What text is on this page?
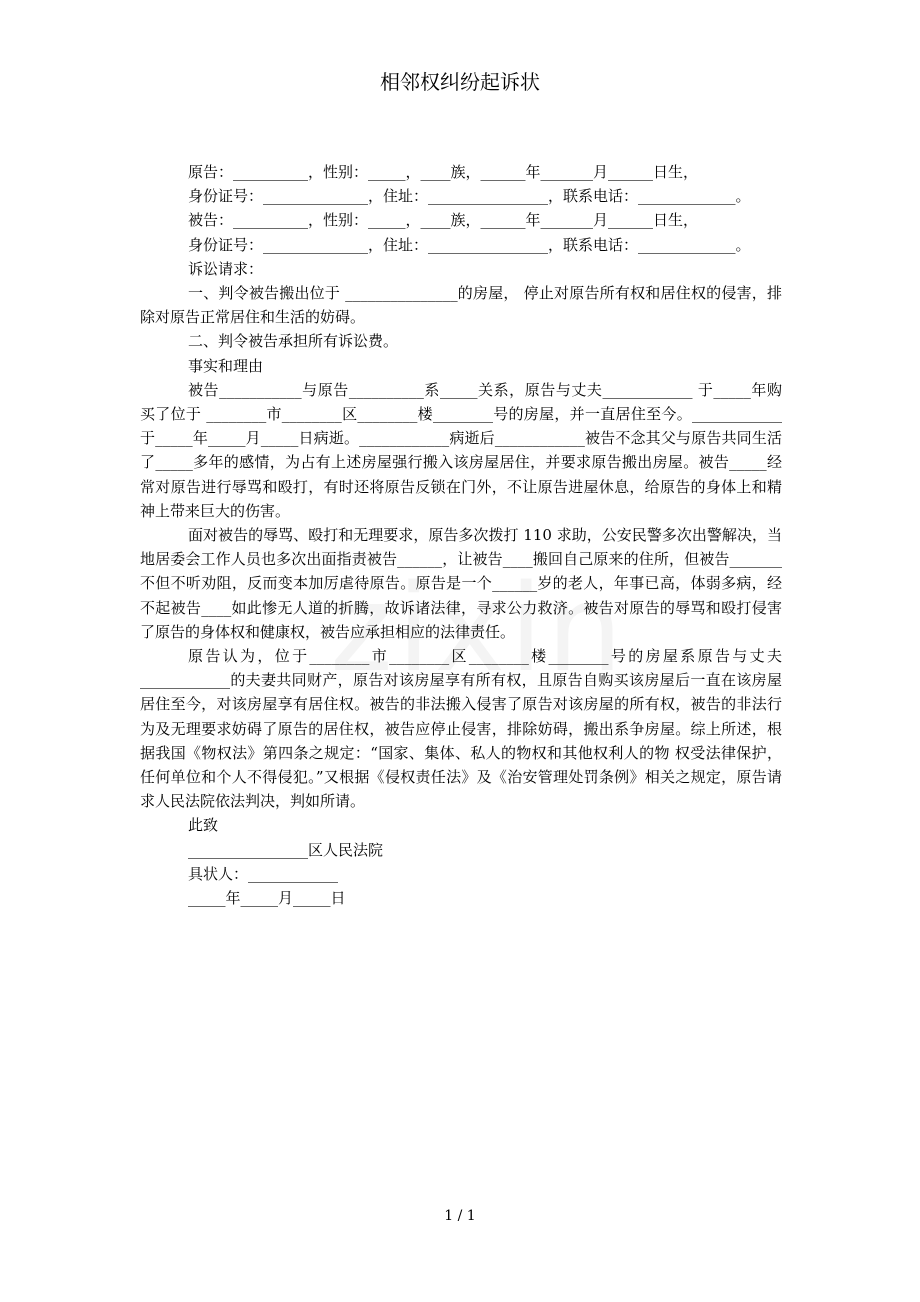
相邻权纠纷起诉状
原告：__________，性别：_____，____族，______年_______月______日生，
身份证号：______________，住址：________________，联系电话：_____________。
被告：__________，性别：_____，____族，______年_______月______日生，
身份证号：______________，住址：________________，联系电话：_____________。
诉讼请求：
一、判令被告搬出位于 _______________的房屋， 停止对原告所有权和居住权的侵害，排除对原告正常居住和生活的妨碍。
二、判令被告承担所有诉讼费。
事实和理由
被告___________与原告__________系_____关系，原告与丈夫____________ 于_____年购买了位于 ________市________区________楼________号的房屋，并一直居住至今。____________ 于_____年_____月_____日病逝。____________病逝后____________被告不念其父与原告共同生活了_____多年的感情，为占有上述房屋强行搬入该房屋居住，并要求原告搬出房屋。被告_____经常对原告进行辱骂和殴打，有时还将原告反锁在门外，不让原告进屋休息，给原告的身体上和精神上带来巨大的伤害。
面对被告的辱骂、殴打和无理要求，原告多次拨打 110 求助，公安民警多次出警解决，当地居委会工作人员也多次出面指责被告______，让被告____搬回自己原来的住所，但被告_______不但不听劝阻，反而变本加厉虐待原告。原告是一个______岁的老人，年事已高，体弱多病，经不起被告____如此惨无人道的折腾，故诉诸法律，寻求公力救济。被告对原告的辱骂和殴打侵害了原告的身体权和健康权，被告应承担相应的法律责任。
原告认为，位于________市________区________楼________号的房屋系原告与丈夫____________的夫妻共同财产，原告对该房屋享有所有权，且原告自购买该房屋后一直在该房屋居住至今，对该房屋享有居住权。被告的非法搬入侵害了原告对该房屋的所有权，被告的非法行为及无理要求妨碍了原告的居住权，被告应停止侵害，排除妨碍，搬出系争房屋。综上所述，根据我国《物权法》第四条之规定：“国家、集体、私人的物权和其他权利人的物 权受法律保护，任何单位和个人不得侵犯。”又根据《侵权责任法》及《治安管理处罚条例》相关之规定，原告请求人民法院依法判决，判如所请。
此致
________________区人民法院
具状人：____________
_____年_____月_____日
1 / 1
